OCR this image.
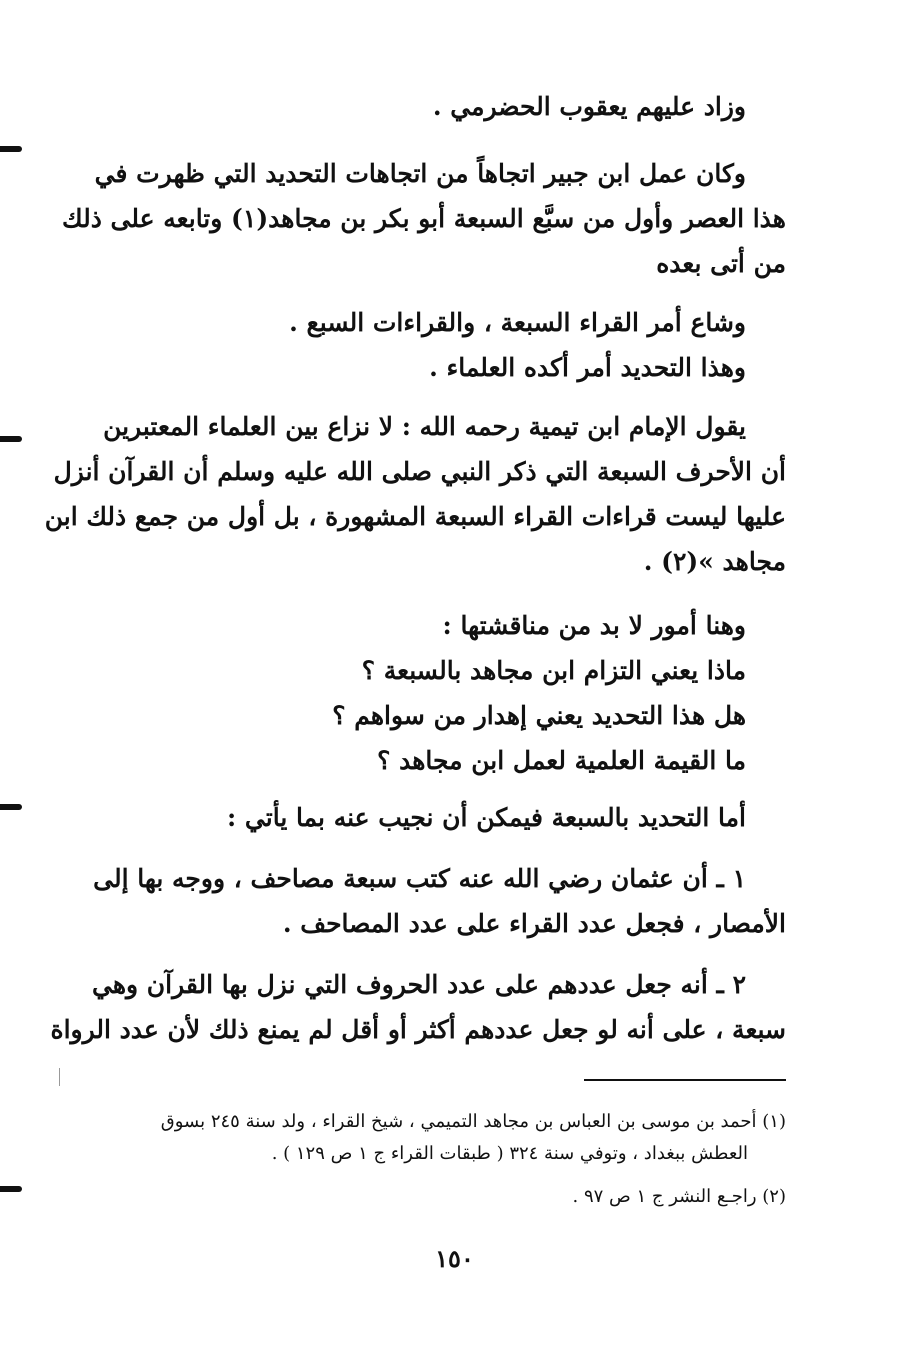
وزاد عليهم يعقوب الحضرمي .
وكان عمل ابن جبير اتجاهاً من اتجاهات التحديد التي ظهرت في
هذا العصر وأول من سبَّع السبعة أبو بكر بن مجاهد(١) وتابعه على ذلك
من أتى بعده
وشاع أمر القراء السبعة ، والقراءات السبع .
وهذا التحديد أمر أكده العلماء .
يقول الإمام ابن تيمية رحمه الله : لا نزاع بين العلماء المعتبرين
أن الأحرف السبعة التي ذكر النبي صلى الله عليه وسلم أن القرآن أنزل
عليها ليست قراءات القراء السبعة المشهورة ، بل أول من جمع ذلك ابن
مجاهد »(٢) .
وهنا أمور لا بد من مناقشتها :
ماذا يعني التزام ابن مجاهد بالسبعة ؟
هل هذا التحديد يعني إهدار من سواهم ؟
ما القيمة العلمية لعمل ابن مجاهد ؟
أما التحديد بالسبعة فيمكن أن نجيب عنه بما يأتي :
١ ـ أن عثمان رضي الله عنه كتب سبعة مصاحف ، ووجه بها إلى
الأمصار ، فجعل عدد القراء على عدد المصاحف .
٢ ـ أنه جعل عددهم على عدد الحروف التي نزل بها القرآن وهي
سبعة ، على أنه لو جعل عددهم أكثر أو أقل لم يمنع ذلك لأن عدد الرواة
(١) أحمد بن موسى بن العباس بن مجاهد التميمي ، شيخ القراء ، ولد سنة ٢٤٥ بسوق
العطش ببغداد ، وتوفي سنة ٣٢٤ ( طبقات القراء ج ١ ص ١٢٩ ) .
(٢) راجـع النشر ج ١ ص ٩٧ .
١٥٠
